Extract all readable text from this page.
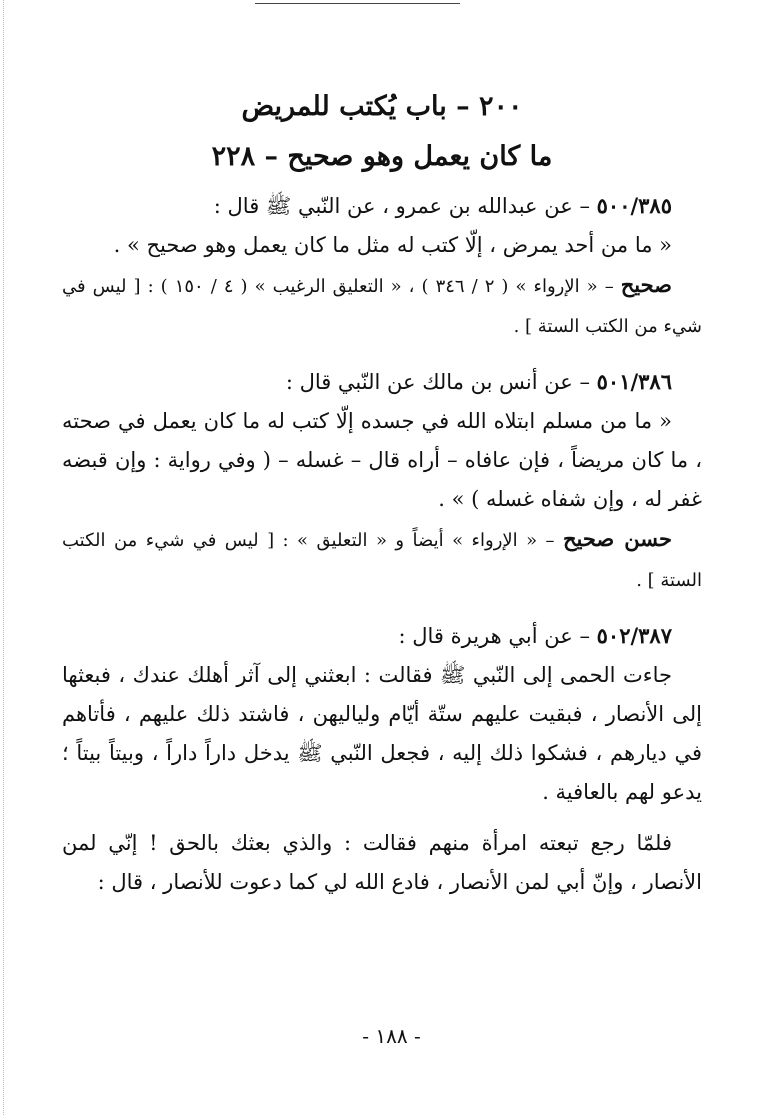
٢٠٠ – باب يُكتب للمريض
ما كان يعمل وهو صحيح – ٢٢٨

٥٠٠/٣٨٥ – عن عبدالله بن عمرو ، عن النّبي ﷺ قال :

« ما من أحد يمرض ، إلّا كتب له مثل ما كان يعمل وهو صحيح » .

صحيح – « الإرواء » ( ٢ / ٣٤٦ ) ، « التعليق الرغيب » ( ٤ / ١٥٠ ) : [ ليس في شيء من الكتب الستة ] .

٥٠١/٣٨٦ – عن أنس بن مالك عن النّبي قال :

« ما من مسلم ابتلاه الله في جسده إلّا كتب له ما كان يعمل في صحته ، ما كان مريضاً ، فإن عافاه – أراه قال – غسله – ( وفي رواية : وإن قبضه غفر له ، وإن شفاه غسله ) » .

حسن صحيح – « الإرواء » أيضاً و « التعليق » : [ ليس في شيء من الكتب الستة ] .

٥٠٢/٣٨٧ – عن أبي هريرة قال :

جاءت الحمى إلى النّبي ﷺ فقالت : ابعثني إلى آثر أهلك عندك ، فبعثها إلى الأنصار ، فبقيت عليهم ستّة أيّام ولياليهن ، فاشتد ذلك عليهم ، فأتاهم في ديارهم ، فشكوا ذلك إليه ، فجعل النّبي ﷺ يدخل داراً داراً ، وبيتاً بيتاً ؛ يدعو لهم بالعافية .

فلمّا رجع تبعته امرأة منهم فقالت : والذي بعثك بالحق ! إنّي لمن الأنصار ، وإنّ أبي لمن الأنصار ، فادع الله لي كما دعوت للأنصار ، قال :

- ١٨٨ -
